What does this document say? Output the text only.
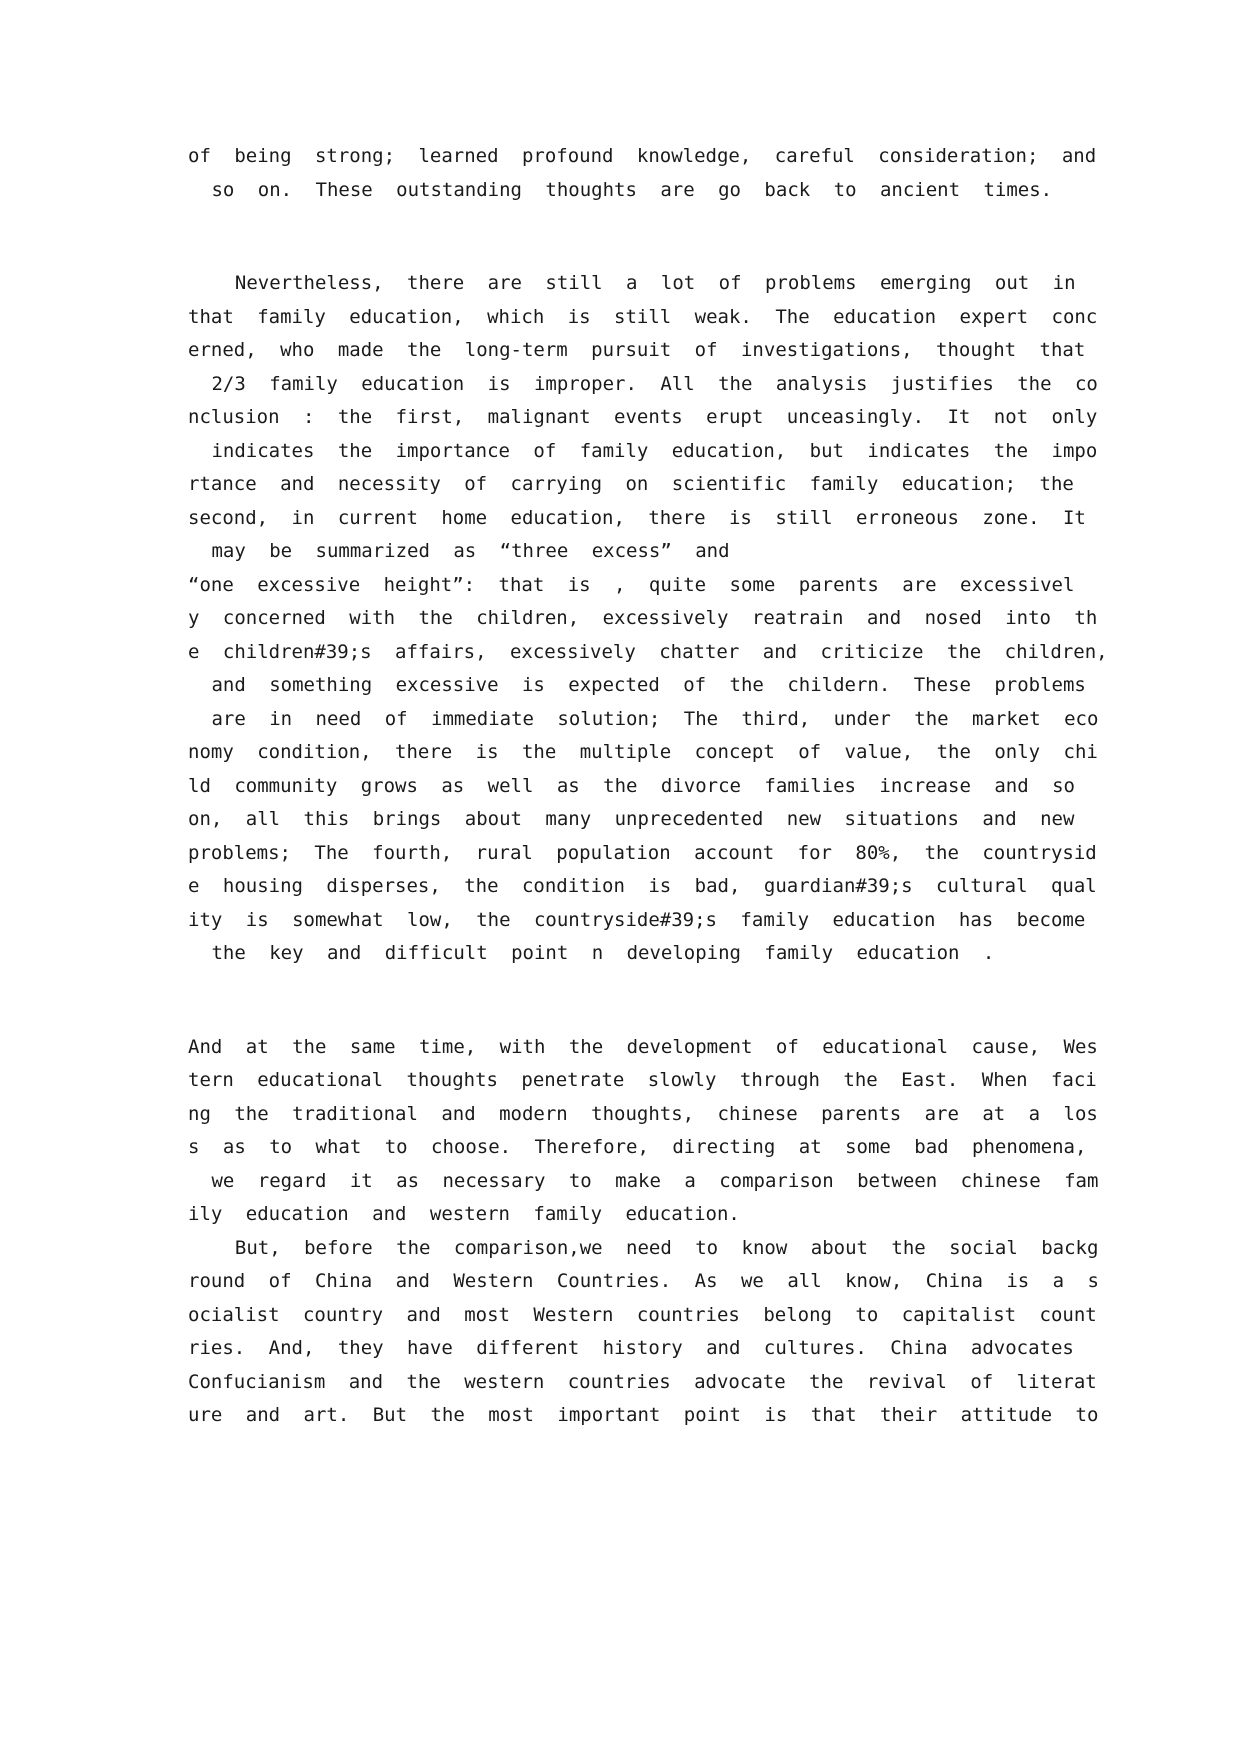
of being strong; learned profound knowledge, careful consideration; and

so on. These outstanding thoughts are go back to ancient times.

Nevertheless, there are still a lot of problems emerging out in

that family education, which is still weak. The education expert conc

erned, who made the long-term pursuit of investigations, thought that

2/3 family education is improper. All the analysis justifies the co

nclusion : the first, malignant events erupt unceasingly. It not only

indicates the importance of family education, but indicates the impo

rtance and necessity of carrying on scientific family education; the

second, in current home education, there is still erroneous zone. It

may be summarized as “three excess” and

“one excessive height”: that is , quite some parents are excessivel

y concerned with the children, excessively reatrain and nosed into th

e children#39;s affairs, excessively chatter and criticize the children,

and something excessive is expected of the childern. These problems

are in need of immediate solution; The third, under the market eco

nomy condition, there is the multiple concept of value, the only chi

ld community grows as well as the divorce families increase and so

on, all this brings about many unprecedented new situations and new

problems; The fourth, rural population account for 80%, the countrysid

e housing disperses, the condition is bad, guardian#39;s cultural qual

ity is somewhat low, the countryside#39;s family education has become

the key and difficult point n developing family education .

And at the same time, with the development of educational cause, Wes

tern educational thoughts penetrate slowly through the East. When faci

ng the traditional and modern thoughts, chinese parents are at a los

s as to what to choose. Therefore, directing at some bad phenomena,

we regard it as necessary to make a comparison between chinese fam

ily education and western family education.

But, before the comparison,we need to know about the social backg

round of China and Western Countries. As we all know, China is a s

ocialist country and most Western countries belong to capitalist count

ries. And, they have different history and cultures. China advocates

Confucianism and the western countries advocate the revival of literat

ure and art. But the most important point is that their attitude to
